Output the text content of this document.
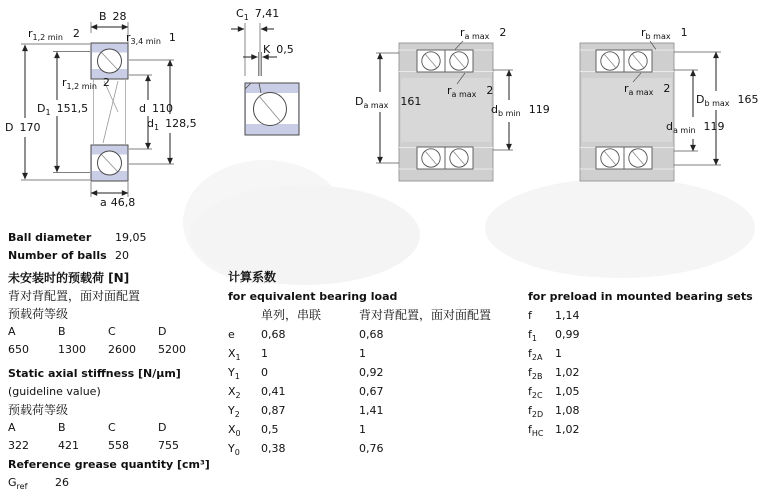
B 28
$r_{1,2 min}$ 2	$r_{3,4 min}$ 1
$r_{1,2 min}$ 2
$D_1$ 151,5	d 110
D 170	$d_1$ 128,5
a 46,8
$C_1$ 7,41
K 0,5
$r_{a max}$ 2
$r_{a max}$ 2
$D_{a max}$ 161
$d_{b min}$ 119
$r_{b max}$ 1
$r_{a max}$ 2
$D_{b max}$ 165
$d_{a min}$ 119
Ball diameter 19,05
Number of balls 20
未安装时的预载荷 [N]
背对背配置，面对面配置
预载荷等级
A	B	C	D
650	1300 2600 5200
Static axial stiffness [N/μm]
(guideline value)
预载荷等级
A	B	C	D
322	421	558	755
Reference grease quantity [cm³]
$G_{ref}$	26
计算系数
for equivalent bearing load
单列，串联	背对背配置，面对面配置
e 0,68	0,68
$X_1$ 1	1
$Y_1$ 0	0,92
$X_2$ 0,41	0,67
$Y_2$ 0,87	1,41
$X_0$ 0,5	1
$Y_0$ 0,38	0,76
for preload in mounted bearing sets
f 1,14
$f_1$ 0,99
$f_{2A}$ 1
$f_{2B}$ 1,02
$f_{2C}$ 1,05
$f_{2D}$ 1,08
$f_{HC}$ 1,02
